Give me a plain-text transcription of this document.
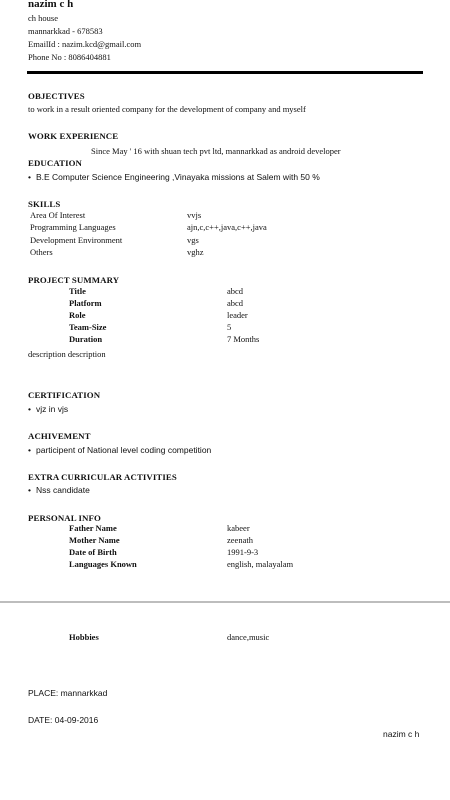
nazim c h
ch house
mannarkkad - 678583
EmailId : nazim.kcd@gmail.com
Phone No : 8086404881
OBJECTIVES
to work in a result oriented company for the development of company and myself
WORK EXPERIENCE
Since May ' 16 with shuan tech pvt ltd, mannarkkad as android developer
EDUCATION
• B.E Computer Science Engineering ,Vinayaka missions at Salem with 50 %
SKILLS
Area Of Interest	vvjs
Programming Languages	ajn,c,c++,java,c++,java
Development Environment	vgs
Others	vghz
PROJECT SUMMARY
Title	abcd
Platform	abcd
Role	leader
Team-Size	5
Duration	7 Months
description description
CERTIFICATION
• vjz in vjs
ACHIVEMENT
• participent of National level coding competition
EXTRA CURRICULAR ACTIVITIES
• Nss candidate
PERSONAL INFO
Father Name	kabeer
Mother Name	zeenath
Date of Birth	1991-9-3
Languages Known	english, malayalam
Hobbies	dance,music
PLACE: mannarkkad
DATE: 04-09-2016
nazim c h
